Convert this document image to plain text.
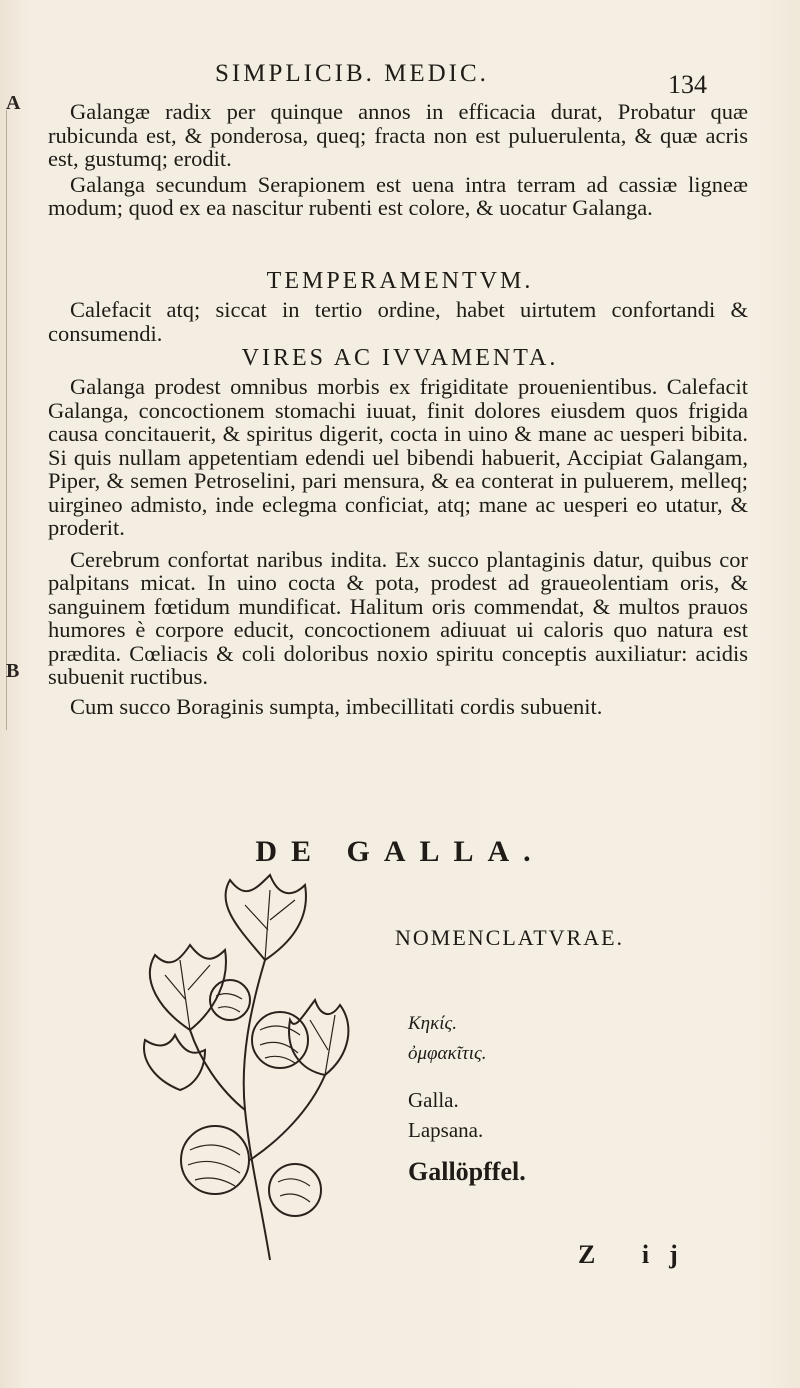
A
B
SIMPLICIB. MEDIC.	134

Galangæ radix per quinque annos in efficacia durat, Probatur quæ rubicunda est, & ponderosa, queq; fracta non est puluerulenta, & quæ acris est, gustumq; erodit.

Galanga secundum Serapionem est uena intra terram ad cassiæ ligneæ modum; quod ex ea nascitur rubenti est colore, & uocatur Galanga.

TEMPERAMENTVM.

Calefacit atq; siccat in tertio ordine, habet uirtutem confortandi & consumendi.

VIRES AC IVVAMENTA.

Galanga prodest omnibus morbis ex frigiditate prouenientibus. Calefacit Galanga, concoctionem stomachi iuuat, finit dolores eiusdem quos frigida causa concitauerit, & spiritus digerit, cocta in uino & mane ac uesperi bibita. Si quis nullam appetentiam edendi uel bibendi habuerit, Accipiat Galangam, Piper, & semen Petroselini, pari mensura, & ea conterat in puluerem, melleq; uirgineo admisto, inde eclegma conficiat, atq; mane ac uesperi eo utatur, & proderit.

Cerebrum confortat naribus indita. Ex succo plantaginis datur, quibus cor palpitans micat. In uino cocta & pota, prodest ad graueolentiam oris, & sanguinem fœtidum mundificat. Halitum oris commendat, & multos prauos humores è corpore educit, concoctionem adiuuat ui caloris quo natura est prædita. Cœliacis & coli doloribus noxio spiritu conceptis auxiliatur: acidis subuenit ructibus.

Cum succo Boraginis sumpta, imbecillitati cordis subuenit.

DE GALLA.
NOMENCLATVRAE.
Κηκίς.
ὀμφακῖτις.
Galla.
Lapsana.
Gallöpffel.
Z ij
